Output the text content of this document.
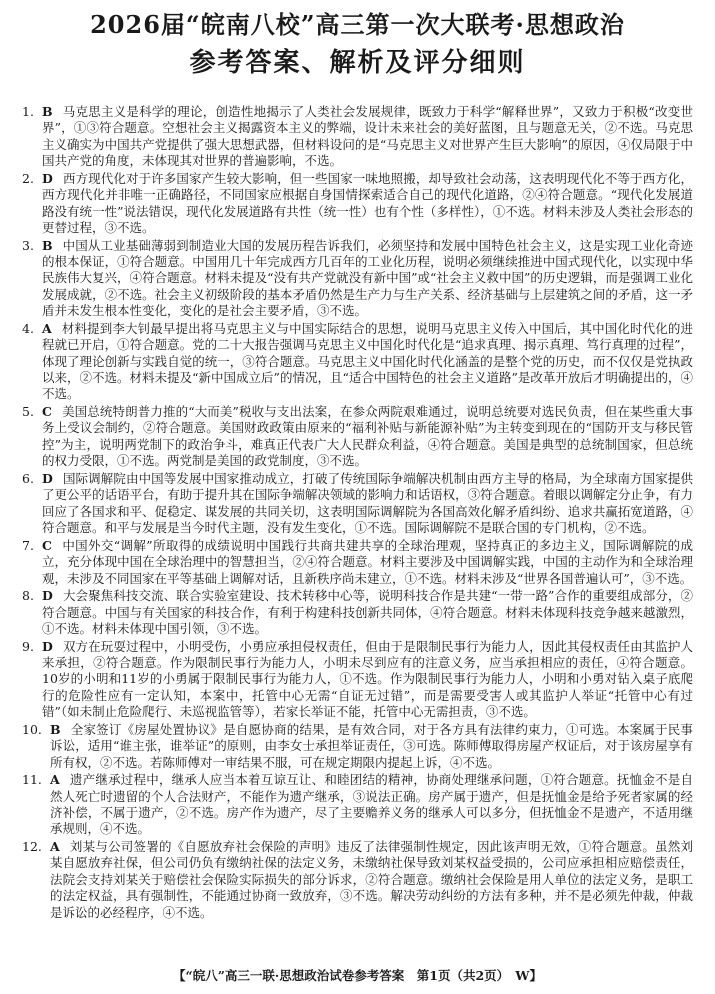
2026届“皖南八校”高三第一次大联考·思想政治
参考答案、解析及评分细则
1. B 马克思主义是科学的理论，创造性地揭示了人类社会发展规律，既致力于科学“解释世界”，又致力于积极“改变世界”，①③符合题意。空想社会主义揭露资本主义的弊端，设计未来社会的美好蓝图，且与题意无关，②不选。马克思主义确实为中国共产党提供了强大思想武器，但材料设问的是“马克思主义对世界产生巨大影响”的原因，④仅局限于中国共产党的角度，未体现其对世界的普遍影响，不选。
2. D 西方现代化对于许多国家产生较大影响，但一些国家一味地照搬，却导致社会动荡，这表明现代化不等于西方化，西方现代化并非唯一正确路径，不同国家应根据自身国情探索适合自己的现代化道路，②④符合题意。“现代化发展道路没有统一性”说法错误，现代化发展道路有共性（统一性）也有个性（多样性），①不选。材料未涉及人类社会形态的更替过程，③不选。
3. B 中国从工业基础薄弱到制造业大国的发展历程告诉我们，必须坚持和发展中国特色社会主义，这是实现工业化奇迹的根本保证，①符合题意。中国用几十年完成西方几百年的工业化历程，说明必须继续推进中国式现代化，以实现中华民族伟大复兴，④符合题意。材料未提及“没有共产党就没有新中国”或“社会主义救中国”的历史逻辑，而是强调工业化发展成就，②不选。社会主义初级阶段的基本矛盾仍然是生产力与生产关系、经济基础与上层建筑之间的矛盾，这一矛盾并未发生根本性变化，变化的是社会主要矛盾，③不选。
4. A 材料提到李大钊最早提出将马克思主义与中国实际结合的思想，说明马克思主义传入中国后，其中国化时代化的进程就已开启，①符合题意。党的二十大报告强调马克思主义中国化时代化是“追求真理、揭示真理、笃行真理的过程”，体现了理论创新与实践自觉的统一，③符合题意。马克思主义中国化时代化涵盖的是整个党的历史，而不仅仅是党执政以来，②不选。材料未提及“新中国成立后”的情况，且“适合中国特色的社会主义道路”是改革开放后才明确提出的，④不选。
5. C 美国总统特朗普力推的“大而美”税收与支出法案，在参众两院艰难通过，说明总统要对选民负责，但在某些重大事务上受议会制约，②符合题意。美国财政政策由原来的“福利补贴与新能源补贴”为主转变到现在的“国防开支与移民管控”为主，说明两党制下的政治争斗，难真正代表广大人民群众利益，④符合题意。美国是典型的总统制国家，但总统的权力受限，①不选。两党制是美国的政党制度，③不选。
6. D 国际调解院由中国等发展中国家推动成立，打破了传统国际争端解决机制由西方主导的格局，为全球南方国家提供了更公平的话语平台，有助于提升其在国际争端解决领域的影响力和话语权，③符合题意。着眼以调解定分止争，有力回应了各国求和平、促稳定、谋发展的共同关切，这表明国际调解院为各国高效化解矛盾纠纷、追求共赢拓宽道路，④符合题意。和平与发展是当今时代主题，没有发生变化，①不选。国际调解院不是联合国的专门机构，②不选。
7. C 中国外交“调解”所取得的成绩说明中国践行共商共建共享的全球治理观，坚持真正的多边主义，国际调解院的成立，充分体现中国在全球治理中的智慧担当，②④符合题意。材料主要涉及中国调解实践，中国的主动作为和全球治理观，未涉及不同国家在平等基础上调解对话，且新秩序尚未建立，①不选。材料未涉及“世界各国普遍认可”，③不选。
8. D 大会聚焦科技交流、联合实验室建设、技术转移中心等，说明科技合作是共建“一带一路”合作的重要组成部分，②符合题意。中国与有关国家的科技合作，有利于构建科技创新共同体，④符合题意。材料未体现科技竞争越来越激烈，①不选。材料未体现中国引领，③不选。
9. D 双方在玩耍过程中，小明受伤，小勇应承担侵权责任，但由于是限制民事行为能力人，因此其侵权责任由其监护人来承担，②符合题意。作为限制民事行为能力人，小明未尽到应有的注意义务，应当承担相应的责任，④符合题意。10岁的小明和11岁的小勇属于限制民事行为能力人，①不选。作为限制民事行为能力人，小明和小勇对钻入桌子底爬行的危险性应有一定认知，本案中，托管中心无需“自证无过错”，而是需要受害人或其监护人举证“托管中心有过错”（如未制止危险爬行、未巡视监管等），若家长举证不能，托管中心无需担责，③不选。
10. B 全家签订《房屋处置协议》是自愿协商的结果，是有效合同，对于各方具有法律约束力，①可选。本案属于民事诉讼，适用“谁主张，谁举证”的原则，由李女士承担举证责任，③可选。陈师傅取得房屋产权证后，对于该房屋享有所有权，②不选。若陈师傅对一审结果不服，可在规定期限内提起上诉，④不选。
11. A 遗产继承过程中，继承人应当本着互谅互让、和睦团结的精神，协商处理继承问题，①符合题意。抚恤金不是自然人死亡时遗留的个人合法财产，不能作为遗产继承，③说法正确。房产属于遗产，但是抚恤金是给予死者家属的经济补偿，不属于遗产，②不选。房产作为遗产，尽了主要赡养义务的继承人可以多分，但抚恤金不是遗产，不适用继承规则，④不选。
12. A 刘某与公司签署的《自愿放弃社会保险的声明》违反了法律强制性规定，因此该声明无效，①符合题意。虽然刘某自愿放弃社保，但公司仍负有缴纳社保的法定义务，未缴纳社保导致刘某权益受损的，公司应承担相应赔偿责任，法院会支持刘某关于赔偿社会保险实际损失的部分诉求，②符合题意。缴纳社会保险是用人单位的法定义务，是职工的法定权益，具有强制性，不能通过协商一致放弃，③不选。解决劳动纠纷的方法有多种，并不是必须先仲裁，仲裁是诉讼的必经程序，④不选。
【“皖八”高三一联·思想政治试卷参考答案　第1页（共2页）　W】
